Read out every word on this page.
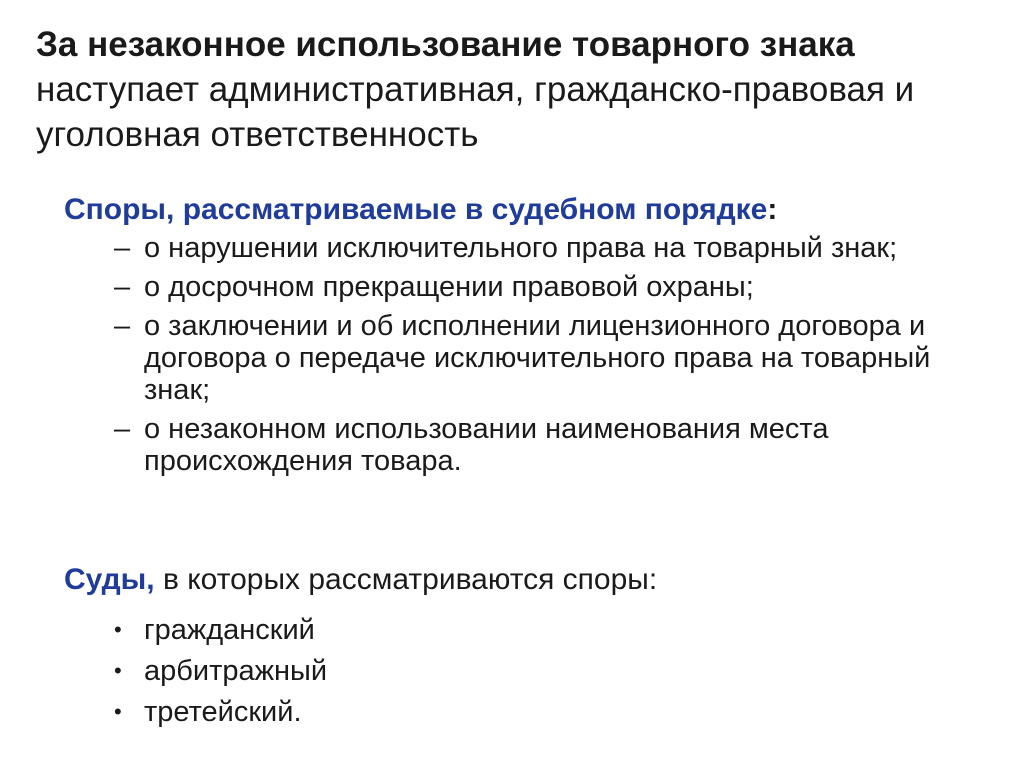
За незаконное использование товарного знака наступает административная, гражданско-правовая и уголовная ответственность
Споры, рассматриваемые в судебном порядке:
– о нарушении исключительного права на товарный знак;
– о досрочном прекращении правовой охраны;
– о заключении и об исполнении лицензионного договора и договора о передаче исключительного права на товарный знак;
– о незаконном использовании наименования места происхождения товара.
Суды, в которых рассматриваются споры:
• гражданский
• арбитражный
• третейский.
